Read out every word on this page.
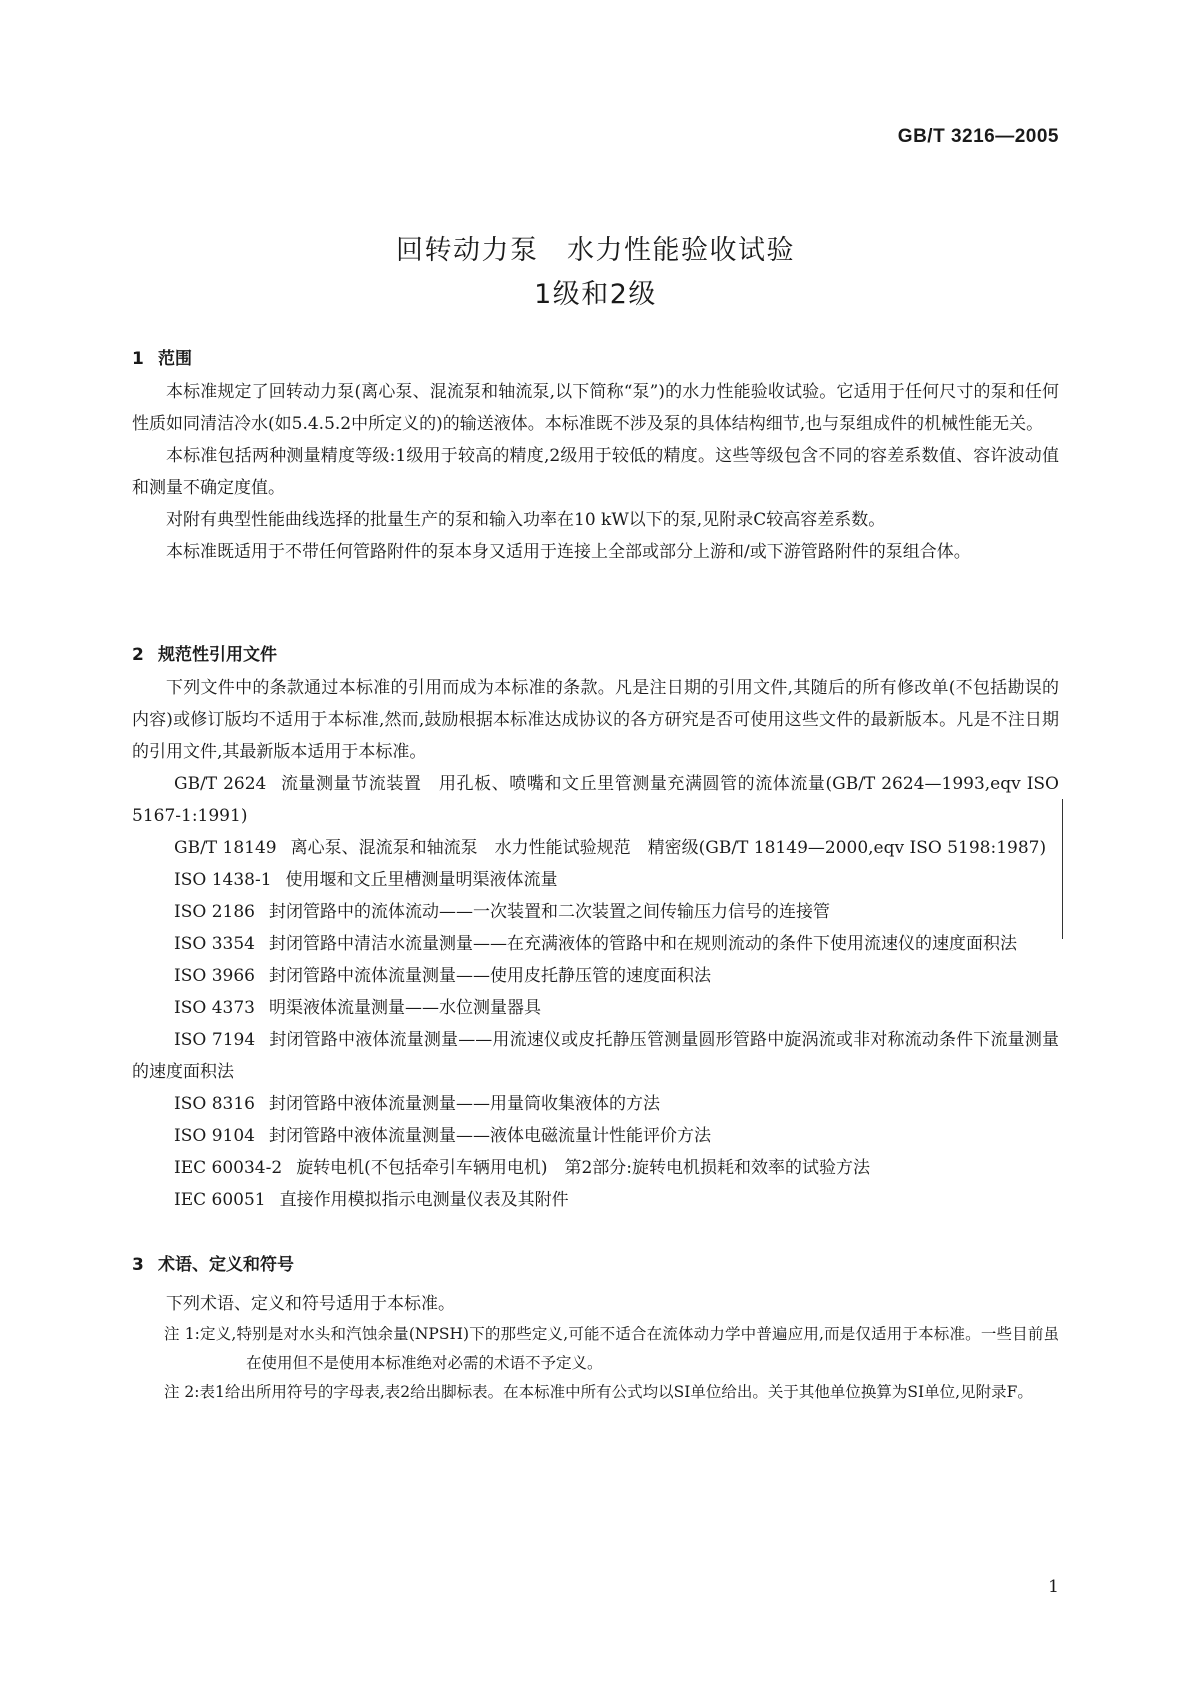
GB/T 3216—2005
回转动力泵　水力性能验收试验
1级和2级
1 范围

本标准规定了回转动力泵(离心泵、混流泵和轴流泵,以下简称“泵”)的水力性能验收试验。它适用于任何尺寸的泵和任何性质如同清洁冷水(如5.4.5.2中所定义的)的输送液体。本标准既不涉及泵的具体结构细节,也与泵组成件的机械性能无关。

本标准包括两种测量精度等级:1级用于较高的精度,2级用于较低的精度。这些等级包含不同的容差系数值、容许波动值和测量不确定度值。

对附有典型性能曲线选择的批量生产的泵和输入功率在10 kW以下的泵,见附录C较高容差系数。

本标准既适用于不带任何管路附件的泵本身又适用于连接上全部或部分上游和/或下游管路附件的泵组合体。

2 规范性引用文件

下列文件中的条款通过本标准的引用而成为本标准的条款。凡是注日期的引用文件,其随后的所有修改单(不包括勘误的内容)或修订版均不适用于本标准,然而,鼓励根据本标准达成协议的各方研究是否可使用这些文件的最新版本。凡是不注日期的引用文件,其最新版本适用于本标准。

GB/T 2624 流量测量节流装置　用孔板、喷嘴和文丘里管测量充满圆管的流体流量(GB/T 2624—1993,eqv ISO 5167-1:1991)

GB/T 18149 离心泵、混流泵和轴流泵　水力性能试验规范　精密级(GB/T 18149—2000,eqv ISO 5198:1987)

ISO 1438-1 使用堰和文丘里槽测量明渠液体流量

ISO 2186 封闭管路中的流体流动——一次装置和二次装置之间传输压力信号的连接管

ISO 3354 封闭管路中清洁水流量测量——在充满液体的管路中和在规则流动的条件下使用流速仪的速度面积法

ISO 3966 封闭管路中流体流量测量——使用皮托静压管的速度面积法

ISO 4373 明渠液体流量测量——水位测量器具

ISO 7194 封闭管路中液体流量测量——用流速仪或皮托静压管测量圆形管路中旋涡流或非对称流动条件下流量测量的速度面积法

ISO 8316 封闭管路中液体流量测量——用量筒收集液体的方法

ISO 9104 封闭管路中液体流量测量——液体电磁流量计性能评价方法

IEC 60034-2 旋转电机(不包括牵引车辆用电机)　第2部分:旋转电机损耗和效率的试验方法

IEC 60051 直接作用模拟指示电测量仪表及其附件

3 术语、定义和符号

下列术语、定义和符号适用于本标准。

注 1:定义,特别是对水头和汽蚀余量(NPSH)下的那些定义,可能不适合在流体动力学中普遍应用,而是仅适用于本标准。一些目前虽在使用但不是使用本标准绝对必需的术语不予定义。

注 2:表1给出所用符号的字母表,表2给出脚标表。在本标准中所有公式均以SI单位给出。关于其他单位换算为SI单位,见附录F。

1
